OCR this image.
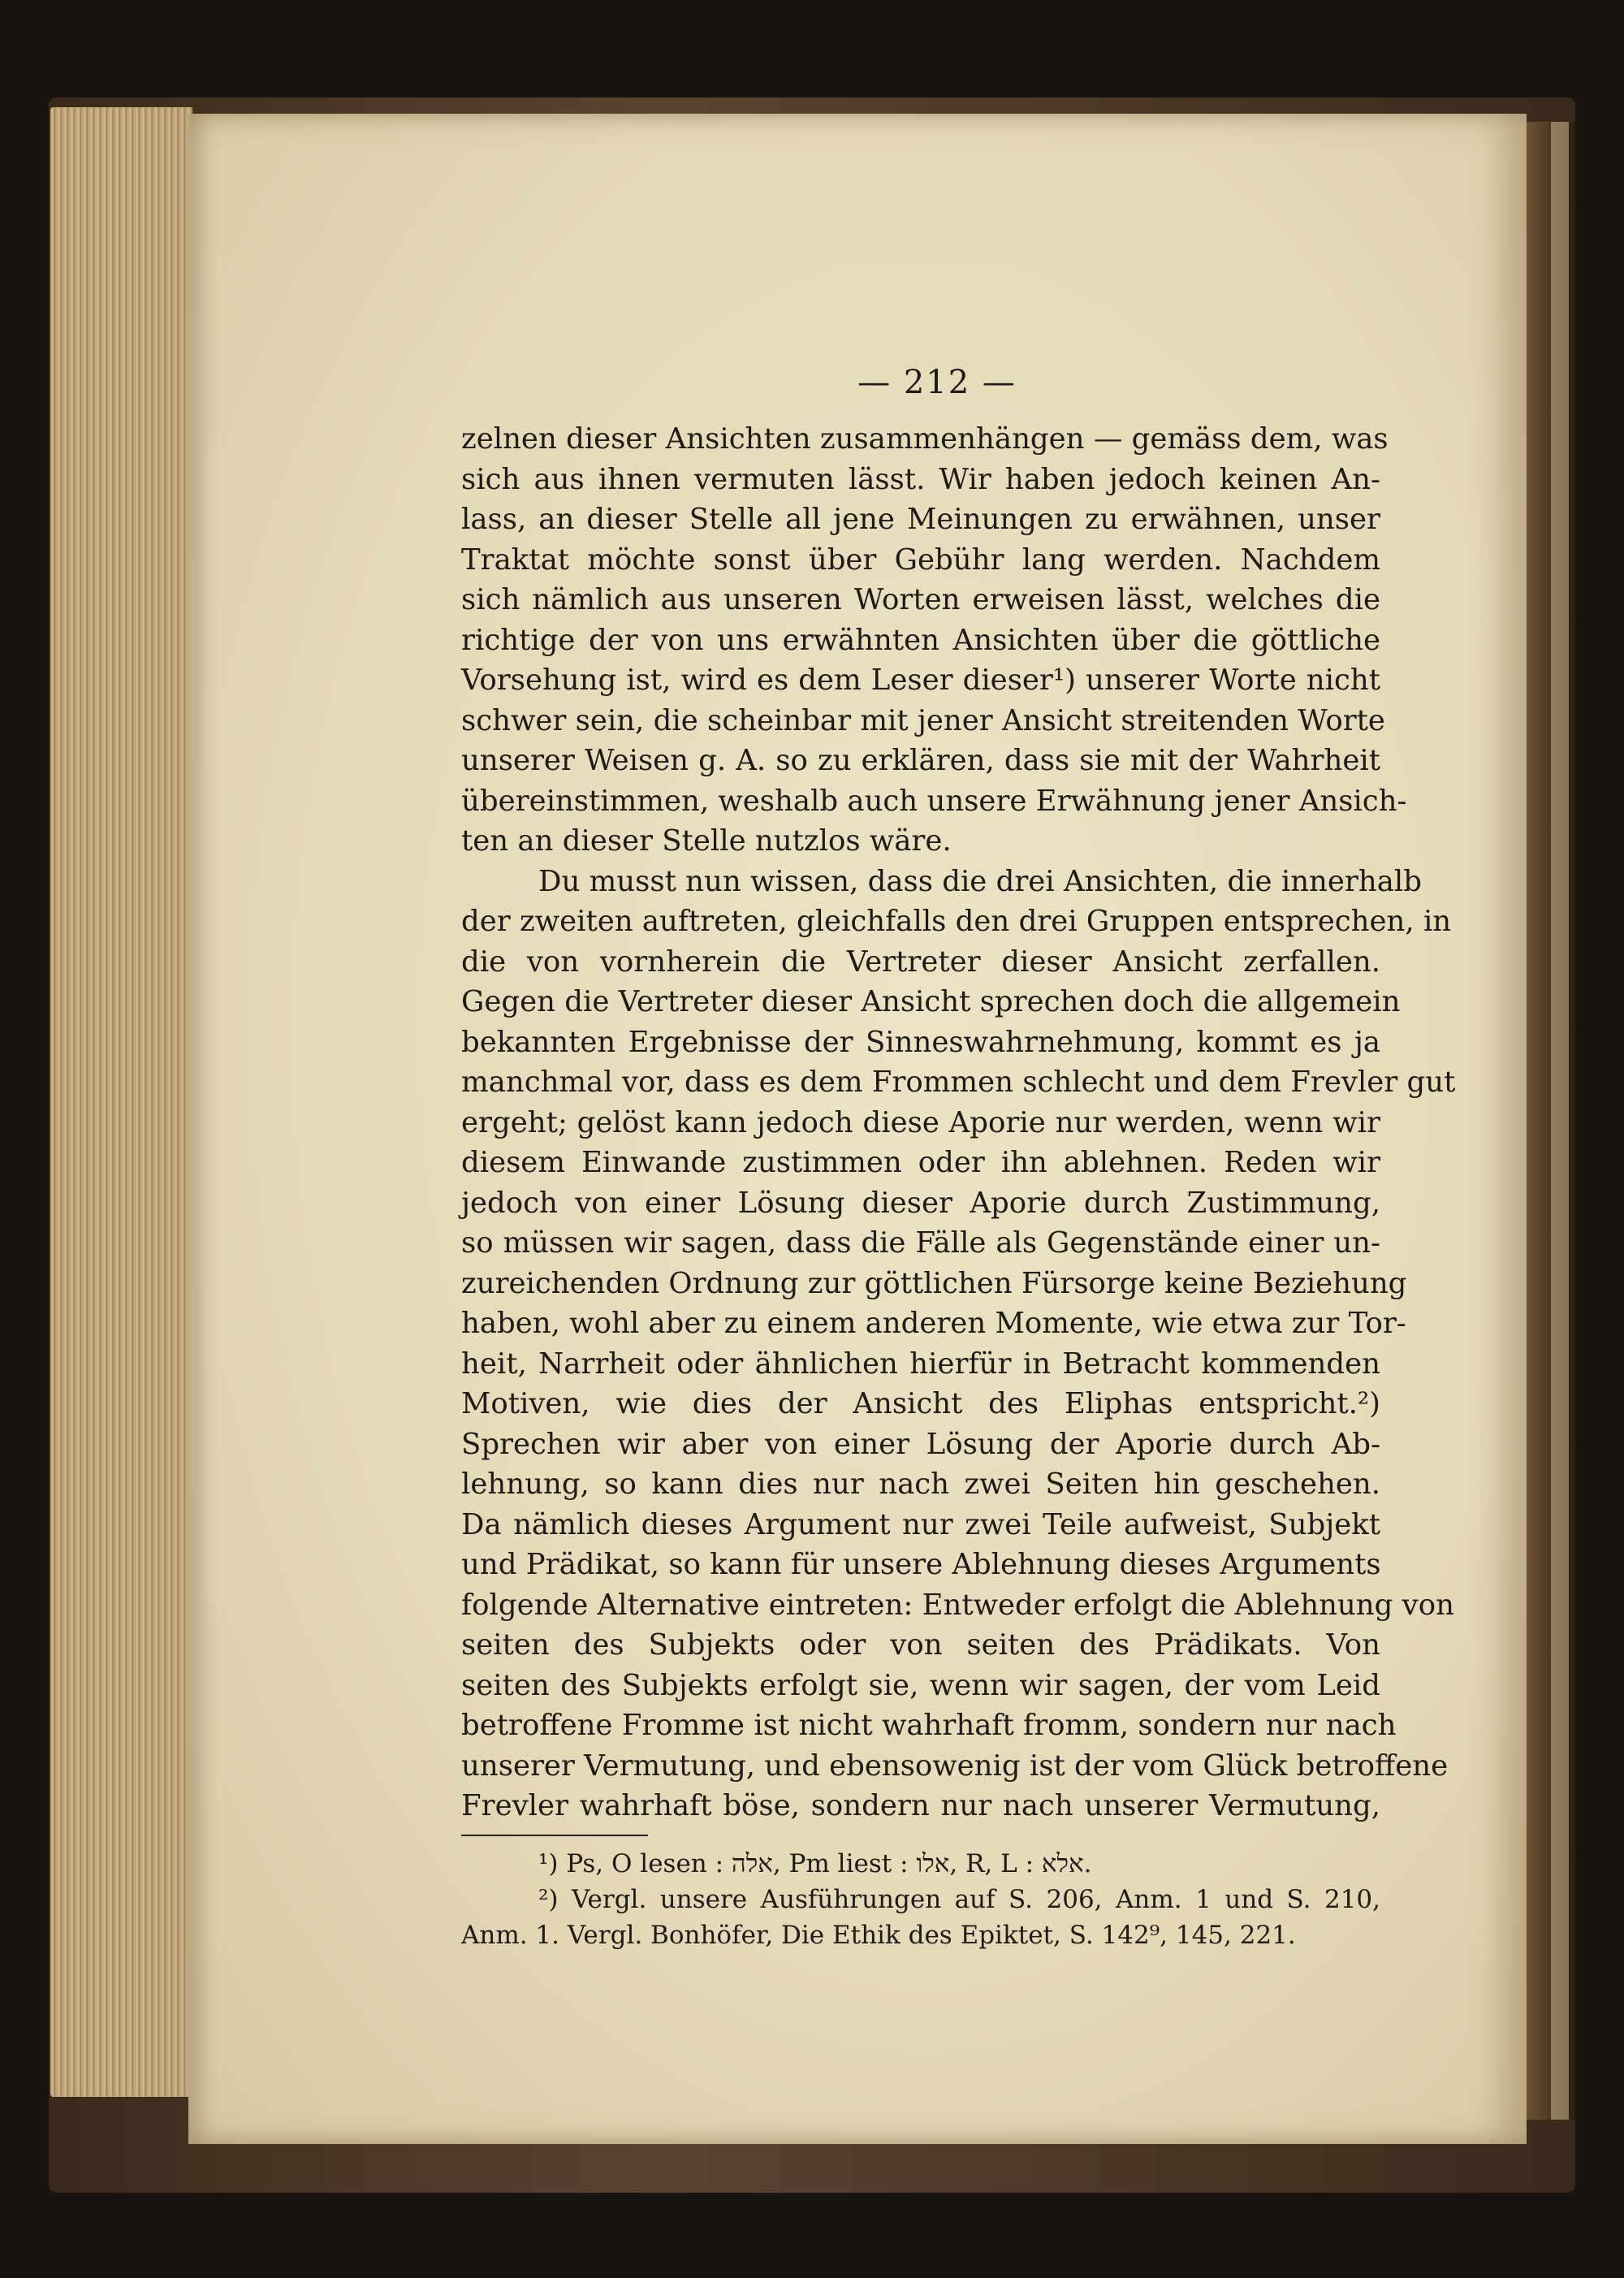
— 212 —
zelnen dieser Ansichten zusammenhängen — gemäss dem, was
sich aus ihnen vermuten lässt. Wir haben jedoch keinen An-
lass, an dieser Stelle all jene Meinungen zu erwähnen, unser
Traktat möchte sonst über Gebühr lang werden. Nachdem
sich nämlich aus unseren Worten erweisen lässt, welches die
richtige der von uns erwähnten Ansichten über die göttliche
Vorsehung ist, wird es dem Leser dieser¹) unserer Worte nicht
schwer sein, die scheinbar mit jener Ansicht streitenden Worte
unserer Weisen g. A. so zu erklären, dass sie mit der Wahrheit
übereinstimmen, weshalb auch unsere Erwähnung jener Ansich-
ten an dieser Stelle nutzlos wäre.
Du musst nun wissen, dass die drei Ansichten, die innerhalb
der zweiten auftreten, gleichfalls den drei Gruppen entsprechen, in
die von vornherein die Vertreter dieser Ansicht zerfallen.
Gegen die Vertreter dieser Ansicht sprechen doch die allgemein
bekannten Ergebnisse der Sinneswahrnehmung, kommt es ja
manchmal vor, dass es dem Frommen schlecht und dem Frevler gut
ergeht; gelöst kann jedoch diese Aporie nur werden, wenn wir
diesem Einwande zustimmen oder ihn ablehnen. Reden wir
jedoch von einer Lösung dieser Aporie durch Zustimmung,
so müssen wir sagen, dass die Fälle als Gegenstände einer un-
zureichenden Ordnung zur göttlichen Fürsorge keine Beziehung
haben, wohl aber zu einem anderen Momente, wie etwa zur Tor-
heit, Narrheit oder ähnlichen hierfür in Betracht kommenden
Motiven, wie dies der Ansicht des Eliphas entspricht.²)
Sprechen wir aber von einer Lösung der Aporie durch Ab-
lehnung, so kann dies nur nach zwei Seiten hin geschehen.
Da nämlich dieses Argument nur zwei Teile aufweist, Subjekt
und Prädikat, so kann für unsere Ablehnung dieses Arguments
folgende Alternative eintreten: Entweder erfolgt die Ablehnung von
seiten des Subjekts oder von seiten des Prädikats. Von
seiten des Subjekts erfolgt sie, wenn wir sagen, der vom Leid
betroffene Fromme ist nicht wahrhaft fromm, sondern nur nach
unserer Vermutung, und ebensowenig ist der vom Glück betroffene
Frevler wahrhaft böse, sondern nur nach unserer Vermutung,
¹) Ps, O lesen : אלה, Pm liest : אלו, R, L : אלא.
²) Vergl. unsere Ausführungen auf S. 206, Anm. 1 und S. 210,
Anm. 1. Vergl. Bonhöfer, Die Ethik des Epiktet, S. 142⁹, 145, 221.
